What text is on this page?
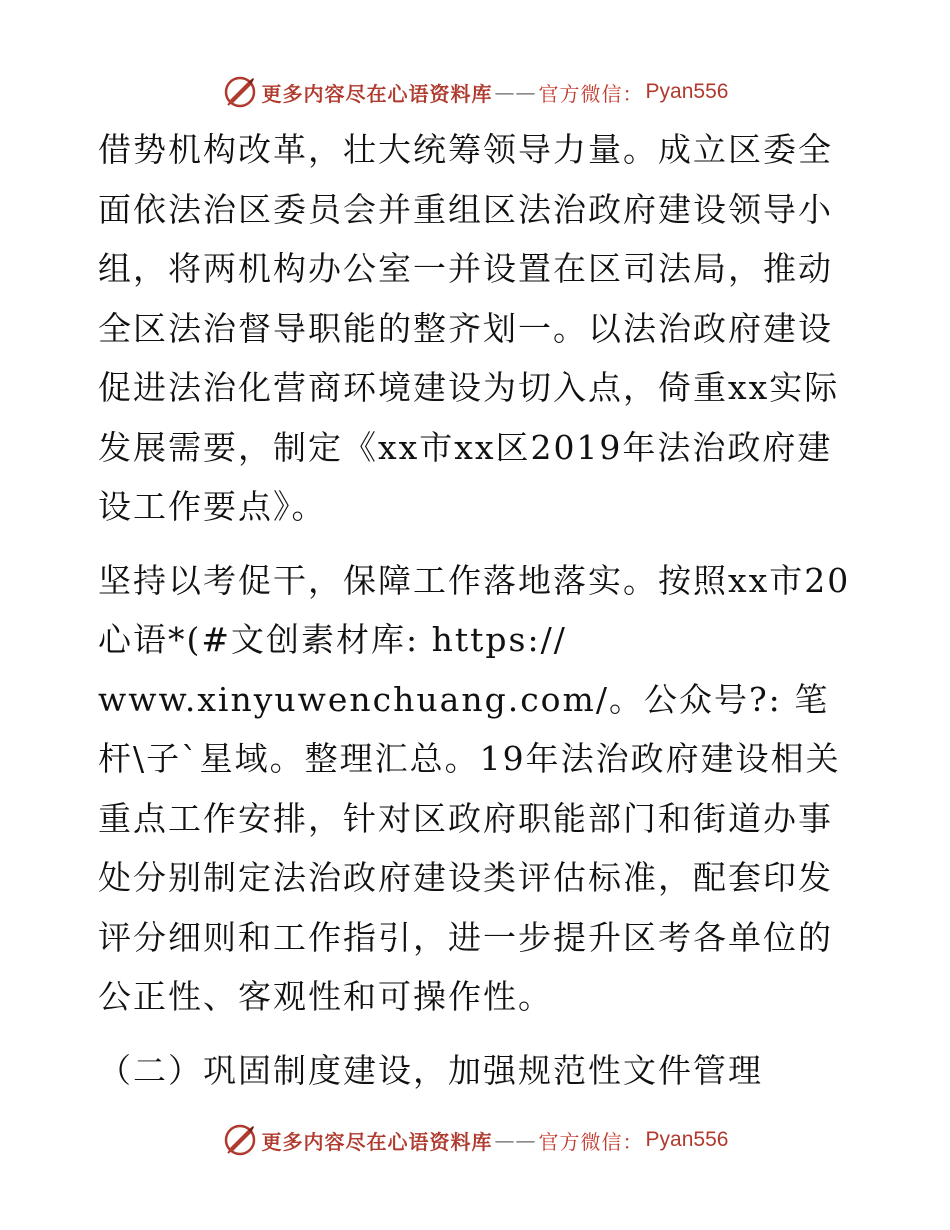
更多内容尽在心语资料库 —— 官方微信： Pyan556

借势机构改革，壮大统筹领导力量。成立区委全面依法治区委员会并重组区法治政府建设领导小组，将两机构办公室一并设置在区司法局，推动全区法治督导职能的整齐划一。以法治政府建设促进法治化营商环境建设为切入点，倚重xx实际发展需要，制定《xx市xx区2019年法治政府建设工作要点》。

坚持以考促干，保障工作落地落实。按照xx市20心语*(#文创素材库: https://

www.xinyuwenchuang.com/。公众号?: 笔杆\子`星域。整理汇总。19年法治政府建设相关重点工作安排，针对区政府职能部门和街道办事处分别制定法治政府建设类评估标准，配套印发评分细则和工作指引，进一步提升区考各单位的公正性、客观性和可操作性。

（二）巩固制度建设，加强规范性文件管理

更多内容尽在心语资料库 —— 官方微信： Pyan556
